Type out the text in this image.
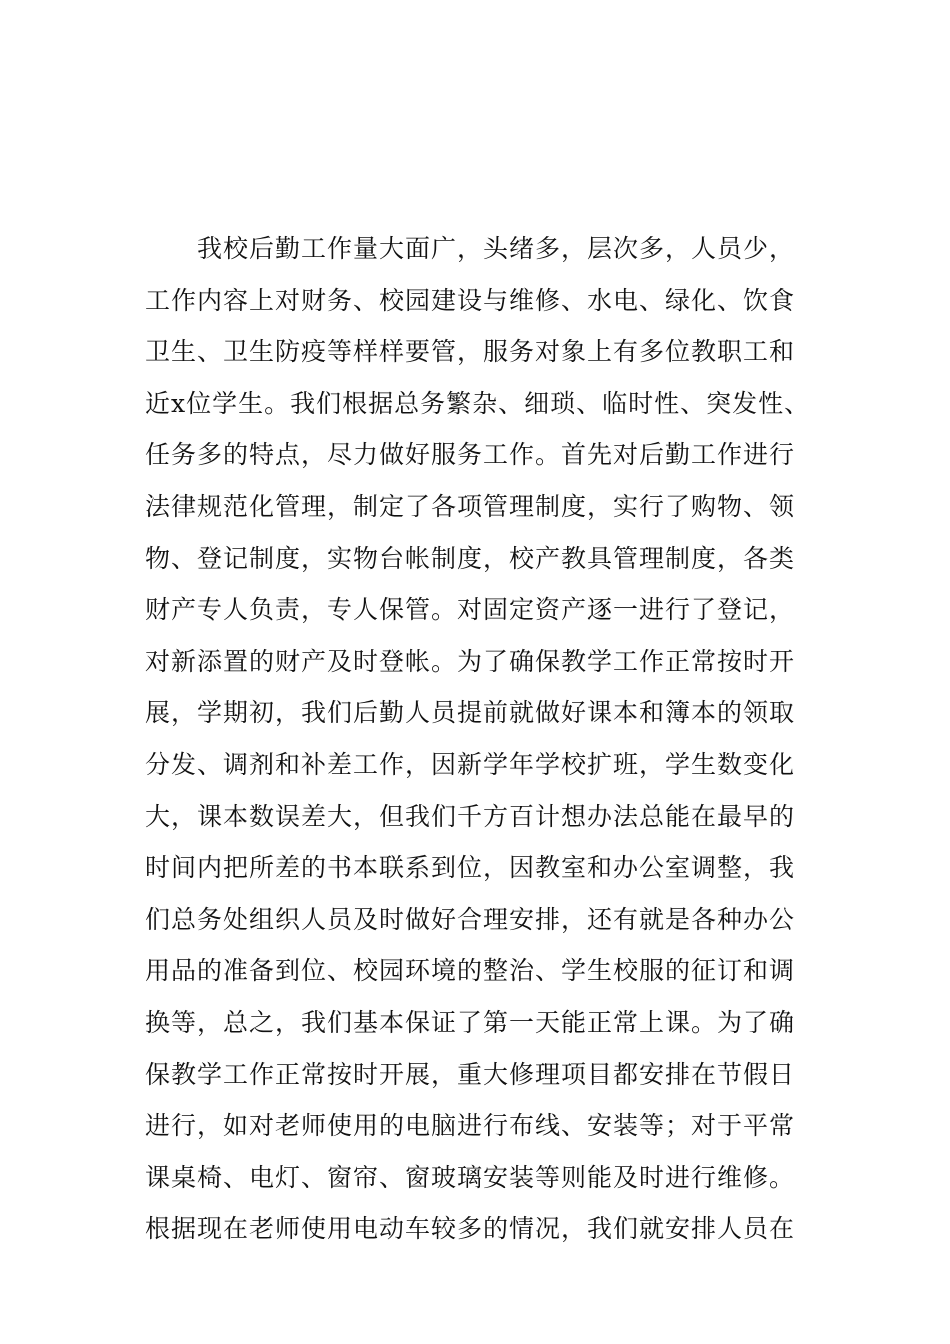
我校后勤工作量大面广，头绪多，层次多，人员少，
工作内容上对财务、校园建设与维修、水电、绿化、饮食
卫生、卫生防疫等样样要管，服务对象上有多位教职工和
近x位学生。我们根据总务繁杂、细琐、临时性、突发性、
任务多的特点，尽力做好服务工作。首先对后勤工作进行
法律规范化管理，制定了各项管理制度，实行了购物、领
物、登记制度，实物台帐制度，校产教具管理制度，各类
财产专人负责，专人保管。对固定资产逐一进行了登记，
对新添置的财产及时登帐。为了确保教学工作正常按时开
展，学期初，我们后勤人员提前就做好课本和簿本的领取
分发、调剂和补差工作，因新学年学校扩班，学生数变化
大，课本数误差大，但我们千方百计想办法总能在最早的
时间内把所差的书本联系到位，因教室和办公室调整，我
们总务处组织人员及时做好合理安排，还有就是各种办公
用品的准备到位、校园环境的整治、学生校服的征订和调
换等，总之，我们基本保证了第一天能正常上课。为了确
保教学工作正常按时开展，重大修理项目都安排在节假日
进行，如对老师使用的电脑进行布线、安装等；对于平常
课桌椅、电灯、窗帘、窗玻璃安装等则能及时进行维修。
根据现在老师使用电动车较多的情况，我们就安排人员在
